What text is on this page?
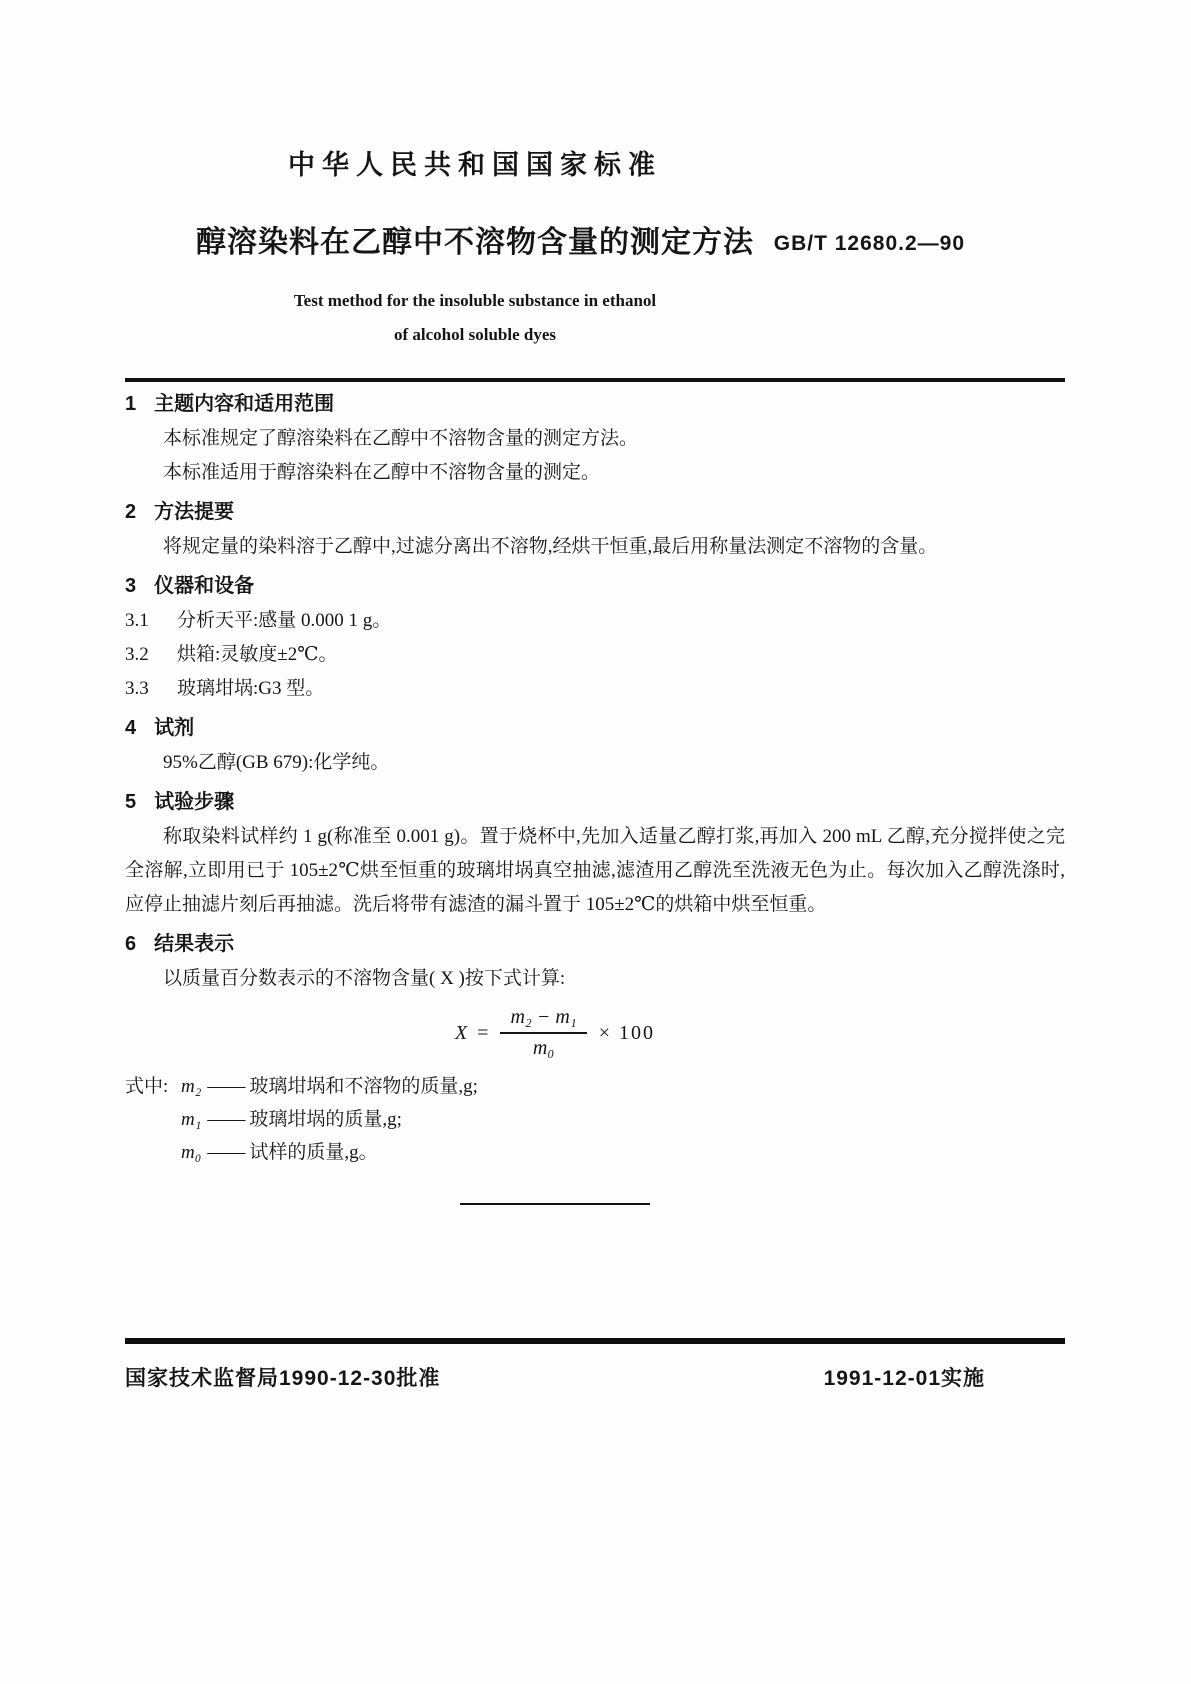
中华人民共和国国家标准
醇溶染料在乙醇中不溶物含量的测定方法
Test method for the insoluble substance in ethanol
of alcohol soluble dyes
GB/T 12680.2—90
1 主题内容和适用范围

本标准规定了醇溶染料在乙醇中不溶物含量的测定方法。

本标准适用于醇溶染料在乙醇中不溶物含量的测定。

2 方法提要

将规定量的染料溶于乙醇中,过滤分离出不溶物,经烘干恒重,最后用称量法测定不溶物的含量。

3 仪器和设备
3.1 分析天平:感量 0.000 1 g。
3.2 烘箱:灵敏度±2℃。
3.3 玻璃坩埚:G3 型。
4 试剂

95%乙醇(GB 679):化学纯。

5 试验步骤

称取染料试样约 1 g(称准至 0.001 g)。置于烧杯中,先加入适量乙醇打浆,再加入 200 mL 乙醇,充分搅拌使之完全溶解,立即用已于 105±2℃烘至恒重的玻璃坩埚真空抽滤,滤渣用乙醇洗至洗液无色为止。每次加入乙醇洗涤时,应停止抽滤片刻后再抽滤。洗后将带有滤渣的漏斗置于 105±2℃的烘箱中烘至恒重。

6 结果表示

以质量百分数表示的不溶物含量( X )按下式计算:

$X = \frac{\text{m₂ − m₁}}{\text{m₀}} \times 100$
式中: m₂ —— 玻璃坩埚和不溶物的质量,g;
m₁ —— 玻璃坩埚的质量,g;
m₀ —— 试样的质量,g。
国家技术监督局1990-12-30批准	1991-12-01实施
